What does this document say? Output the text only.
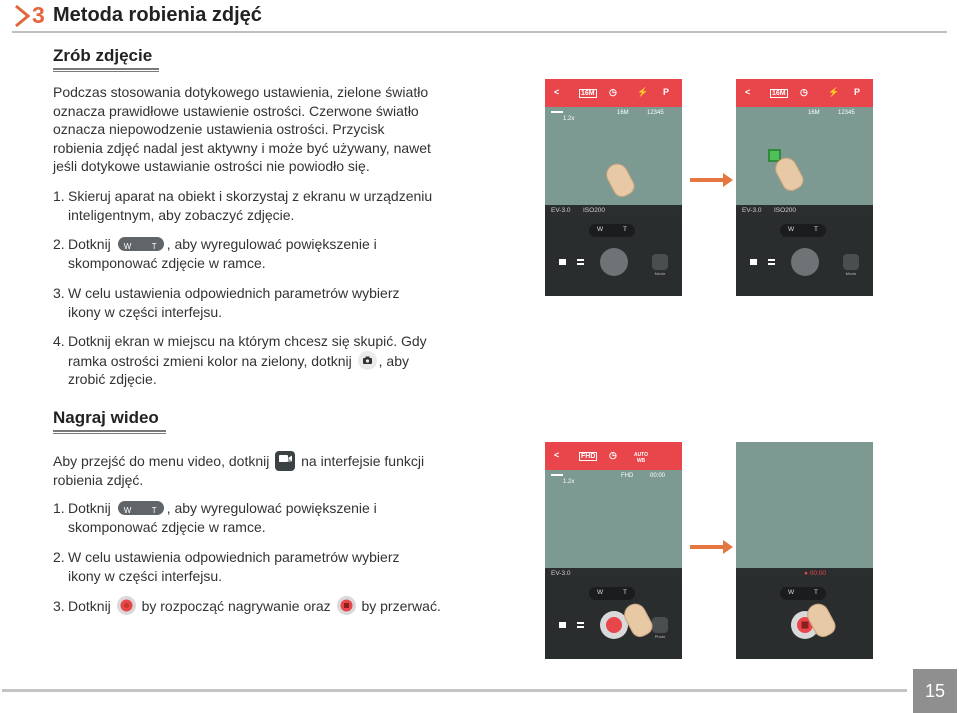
3 Metoda robienia zdjęć
Zrób zdjęcie
Podczas stosowania dotykowego ustawienia, zielone światło
oznacza prawidłowe ustawienie ostrości. Czerwone światło
oznacza niepowodzenie ustawienia ostrości. Przycisk
robienia zdjęć nadal jest aktywny i może być używany, nawet
jeśli dotykowe ustawianie ostrości nie powiodło się.
1. Skieruj aparat na obiekt i skorzystaj z ekranu w urządzeniu
inteligentnym, aby zobaczyć zdjęcie.
2. Dotknij W	T , aby wyregulować powiększenie i
skomponować zdjęcie w ramce.
3. W celu ustawienia odpowiednich parametrów wybierz
ikony w części interfejsu.
4. Dotknij ekran w miejscu na którym chcesz się skupić. Gdy
ramka ostrości zmieni kolor na zielony, dotknij , aby
zrobić zdjęcie.
Nagraj wideo
Aby przejść do menu video, dotknij	Movie na interfejsie funkcji
robienia zdjęć.
1. Dotknij W	T , aby wyregulować powiększenie i
skomponować zdjęcie w ramce.
2. W celu ustawienia odpowiednich parametrów wybierz
ikony w części interfejsu.
3. Dotknij by rozpocząć nagrywanie oraz by przerwać.
<	16M ◷ ⚡ P
1.2x
16M	12345
EV-3.0 ISO200
W	T
Movie
<	16M ◷ ⚡ P
16M	12345
EV-3.0 ISO200
W	T
Movie
<	FHD ◷	AUTO WB
1.2x
FHD	00:00
EV-3.0
W	T
Photo
● 00:00
W	T
15
